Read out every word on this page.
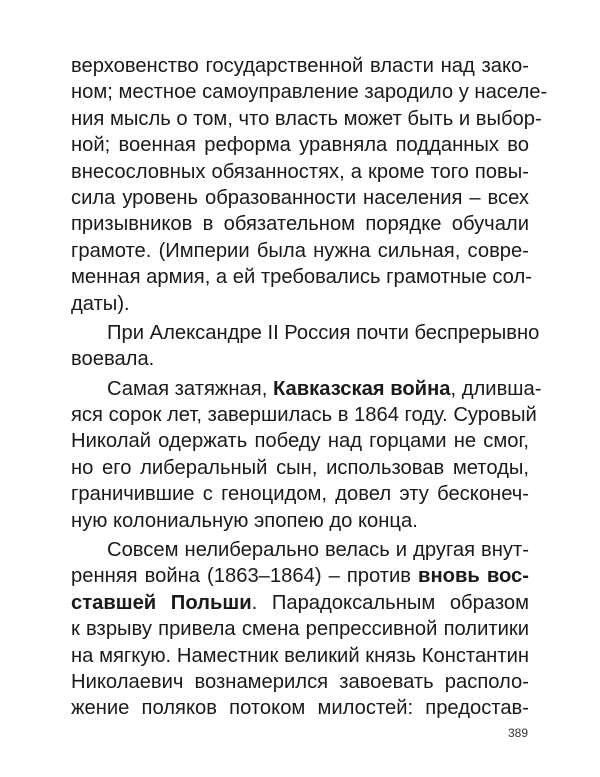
верховенство государственной власти над зако-
ном; местное самоуправление зародило у населе-
ния мысль о том, что власть может быть и выбор-
ной; военная реформа уравняла подданных во
внесословных обязанностях, а кроме того повы-
сила уровень образованности населения – всех
призывников в обязательном порядке обучали
грамоте. (Империи была нужна сильная, совре-
менная армия, а ей требовались грамотные сол-
даты).
При Александре II Россия почти беспрерывно
воевала.
Самая затяжная, Кавказская война, длившa-
яся сорок лет, завершилась в 1864 году. Суровый
Николай одержать победу над горцами не смог,
но его либеральный сын, использовав методы,
граничившие с геноцидом, довел эту бесконеч-
ную колониальную эпопею до конца.
Совсем нелиберально велась и другая внут-
ренняя война (1863–1864) – против вновь вос-
ставшей Польши. Парадоксальным образом
к взрыву привела смена репрессивной политики
на мягкую. Наместник великий князь Константин
Николаевич вознамерился завоевать располо-
жение поляков потоком милостей: предостав-
389
